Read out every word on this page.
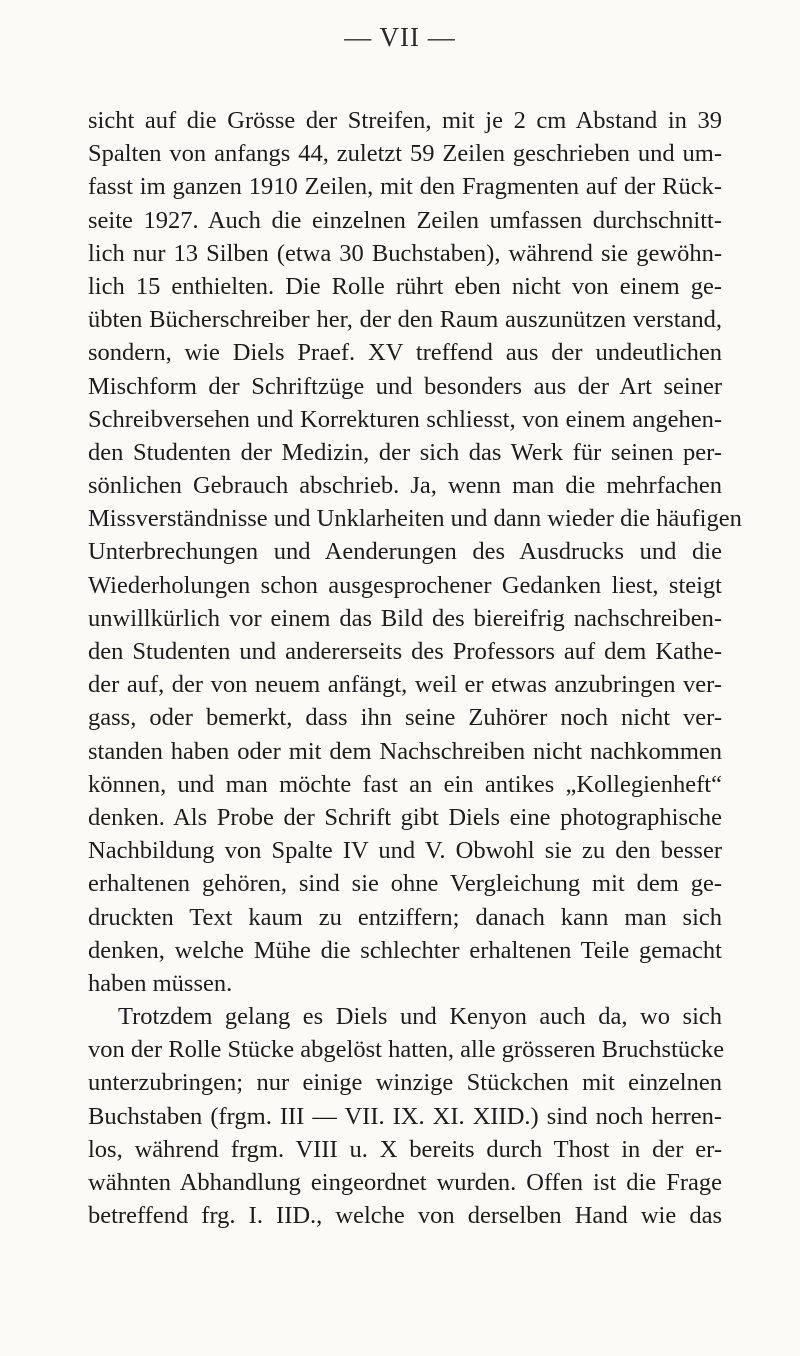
— VII —
sicht auf die Grösse der Streifen, mit je 2 cm Abstand in 39
Spalten von anfangs 44, zuletzt 59 Zeilen geschrieben und um-
fasst im ganzen 1910 Zeilen, mit den Fragmenten auf der Rück-
seite 1927. Auch die einzelnen Zeilen umfassen durchschnitt-
lich nur 13 Silben (etwa 30 Buchstaben), während sie gewöhn-
lich 15 enthielten. Die Rolle rührt eben nicht von einem ge-
übten Bücherschreiber her, der den Raum auszunützen verstand,
sondern, wie Diels Praef. XV treffend aus der undeutlichen
Mischform der Schriftzüge und besonders aus der Art seiner
Schreibversehen und Korrekturen schliesst, von einem angehen-
den Studenten der Medizin, der sich das Werk für seinen per-
sönlichen Gebrauch abschrieb. Ja, wenn man die mehrfachen
Missverständnisse und Unklarheiten und dann wieder die häufigen
Unterbrechungen und Aenderungen des Ausdrucks und die
Wiederholungen schon ausgesprochener Gedanken liest, steigt
unwillkürlich vor einem das Bild des biereifrig nachschreiben-
den Studenten und andererseits des Professors auf dem Kathe-
der auf, der von neuem anfängt, weil er etwas anzubringen ver-
gass, oder bemerkt, dass ihn seine Zuhörer noch nicht ver-
standen haben oder mit dem Nachschreiben nicht nachkommen
können, und man möchte fast an ein antikes „Kollegienheft“
denken. Als Probe der Schrift gibt Diels eine photographische
Nachbildung von Spalte IV und V. Obwohl sie zu den besser
erhaltenen gehören, sind sie ohne Vergleichung mit dem ge-
druckten Text kaum zu entziffern; danach kann man sich
denken, welche Mühe die schlechter erhaltenen Teile gemacht
haben müssen.
Trotzdem gelang es Diels und Kenyon auch da, wo sich
von der Rolle Stücke abgelöst hatten, alle grösseren Bruchstücke
unterzubringen; nur einige winzige Stückchen mit einzelnen
Buchstaben (frgm. III — VII. IX. XI. XIID.) sind noch herren-
los, während frgm. VIII u. X bereits durch Thost in der er-
wähnten Abhandlung eingeordnet wurden. Offen ist die Frage
betreffend frg. I. IID., welche von derselben Hand wie das
